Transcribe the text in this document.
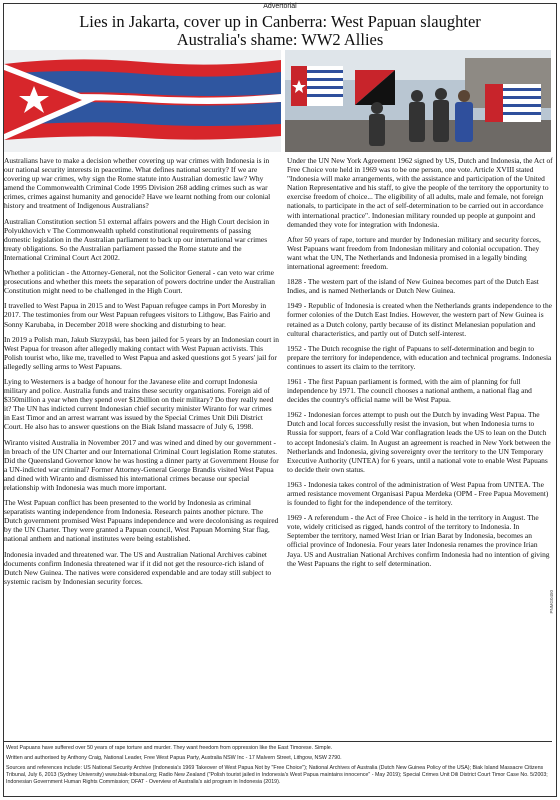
Advertorial
Lies in Jakarta, cover up in Canberra: West Papuan slaughter
Australia's shame: WW2 Allies

Australians have to make a decision whether covering up war crimes with Indonesia is in our national security interests in peacetime. What defines national security? If we are covering up war crimes, why sign the Rome statute into Australian domestic law? Why amend the Commonwealth Criminal Code 1995 Division 268 adding crimes such as war crimes, crimes against humanity and genocide? Have we learnt nothing from our colonial history and treatment of Indigenous Australians?

Australian Constitution section 51 external affairs powers and the High Court decision in Polyukhovich v The Commonwealth upheld constitutional requirements of passing domestic legislation in the Australian parliament to back up our international war crimes treaty obligations. So the Australian parliament passed the Rome statute and the International Criminal Court Act 2002.

Whether a politician - the Attorney-General, not the Solicitor General - can veto war crime prosecutions and whether this meets the separation of powers doctrine under the Australian Constitution might need to be challenged in the High Court.

I travelled to West Papua in 2015 and to West Papuan refugee camps in Port Moresby in 2017. The testimonies from our West Papuan refugees visitors to Lithgow, Bas Fairio and Sonny Karubaba, in December 2018 were shocking and disturbing to hear.

In 2019 a Polish man, Jakub Skrzypski, has been jailed for 5 years by an Indonesian court in West Papua for treason after allegedly making contact with West Papuan activists. This Polish tourist who, like me, travelled to West Papua and asked questions got 5 years' jail for allegedly selling arms to West Papuans.

Lying to Westerners is a badge of honour for the Javanese elite and corrupt Indonesia military and police. Australia funds and trains these security organisations. Foreign aid of $350million a year when they spend over $12billion on their military? Do they really need it? The UN has indicted current Indonesian chief security minister Wiranto for war crimes in East Timor and an arrest warrant was issued by the Special Crimes Unit Dili District Court. He also has to answer questions on the Biak Island massacre of July 6, 1998.

Wiranto visited Australia in November 2017 and was wined and dined by our government - in breach of the UN Charter and our International Criminal Court legislation Rome statutes. Did the Queensland Governor know he was hosting a dinner party at Government House for a UN-indicted war criminal? Former Attorney-General George Brandis visited West Papua and dined with Wiranto and dismissed his international crimes because our special relationship with Indonesia was much more important.

The West Papuan conflict has been presented to the world by Indonesia as criminal separatists wanting independence from Indonesia. Research paints another picture. The Dutch government promised West Papuans independence and were decolonising as required by the UN Charter. They were granted a Papuan council, West Papuan Morning Star flag, national anthem and national institutes were being established.

Indonesia invaded and threatened war. The US and Australian National Archives cabinet documents confirm Indonesia threatened war if it did not get the resource-rich island of Dutch New Guinea. The natives were considered expendable and are today still subject to systemic racism by Indonesian security forces.

Under the UN New York Agreement 1962 signed by US, Dutch and Indonesia, the Act of Free Choice vote held in 1969 was to be one person, one vote. Article XVIII stated "Indonesia will make arrangements, with the assistance and participation of the United Nation Representative and his staff, to give the people of the territory the opportunity to exercise freedom of choice... The eligibility of all adults, male and female, not foreign nationals, to participate in the act of self-determination to be carried out in accordance with international practice". Indonesian military rounded up people at gunpoint and demanded they vote for integration with Indonesia.

After 50 years of rape, torture and murder by Indonesian military and security forces, West Papuans want freedom from Indonesian military and colonial occupation. They want what the UN, The Netherlands and Indonesia promised in a legally binding international agreement: freedom.

1828 - The western part of the island of New Guinea becomes part of the Dutch East Indies, and is named Netherlands or Dutch New Guinea.

1949 - Republic of Indonesia is created when the Netherlands grants independence to the former colonies of the Dutch East Indies. However, the western part of New Guinea is retained as a Dutch colony, partly because of its distinct Melanesian population and cultural characteristics, and partly out of Dutch self-interest.

1952 - The Dutch recognise the right of Papuans to self-determination and begin to prepare the territory for independence, with education and technical programs. Indonesia continues to assert its claim to the territory.

1961 - The first Papuan parliament is formed, with the aim of planning for full independence by 1971. The council chooses a national anthem, a national flag and decides the country's official name will be West Papua.

1962 - Indonesian forces attempt to push out the Dutch by invading West Papua. The Dutch and local forces successfully resist the invasion, but when Indonesia turns to Russia for support, fears of a Cold War conflagration leads the US to lean on the Dutch to accept Indonesia's claim. In August an agreement is reached in New York between the Netherlands and Indonesia, giving sovereignty over the territory to the UN Temporary Executive Authority (UNTEA) for 6 years, until a national vote to enable West Papuans to decide their own status.

1963 - Indonesia takes control of the administration of West Papua from UNTEA. The armed resistance movement Organisasi Papua Merdeka (OPM - Free Papua Movement) is founded to fight for the independence of the territory.

1969 - A referendum - the Act of Free Choice - is held in the territory in August. The vote, widely criticised as rigged, hands control of the territory to Indonesia. In September the territory, named West Irian or Irian Barat by Indonesia, becomes an official province of Indonesia. Four years later Indonesia renames the province Irian Jaya. US and Australian National Archives confirm Indonesia had no intention of giving the West Papuans the right to self determination.

PNMG0450
West Papuans have suffered over 50 years of rape torture and murder. They want freedom from oppression like the East Timorese. Simple.
Written and authorised by Anthony Craig, National Leader, Free West Papua Party, Australia NSW Inc - 17 Malvern Street, Lithgow, NSW 2790.
Sources and references include: US National Security Archive (Indonesia's 1969 Takeover of West Papua Not by "Free Choice"); National Archives of Australia (Dutch New Guinea Policy of the USA); Biak Island Massacre Citizens Tribunal, July 6, 2013 (Sydney University) www.biak-tribunal.org; Radio New Zealand ("Polish tourist jailed in Indonesia's West Papua maintains innocence" - May 2019); Special Crimes Unit Dili District Court Timor Case No. 5/2003; Indonesian Government Human Rights Commission; DFAT - Overview of Australia's aid program in Indonesia (2019).
